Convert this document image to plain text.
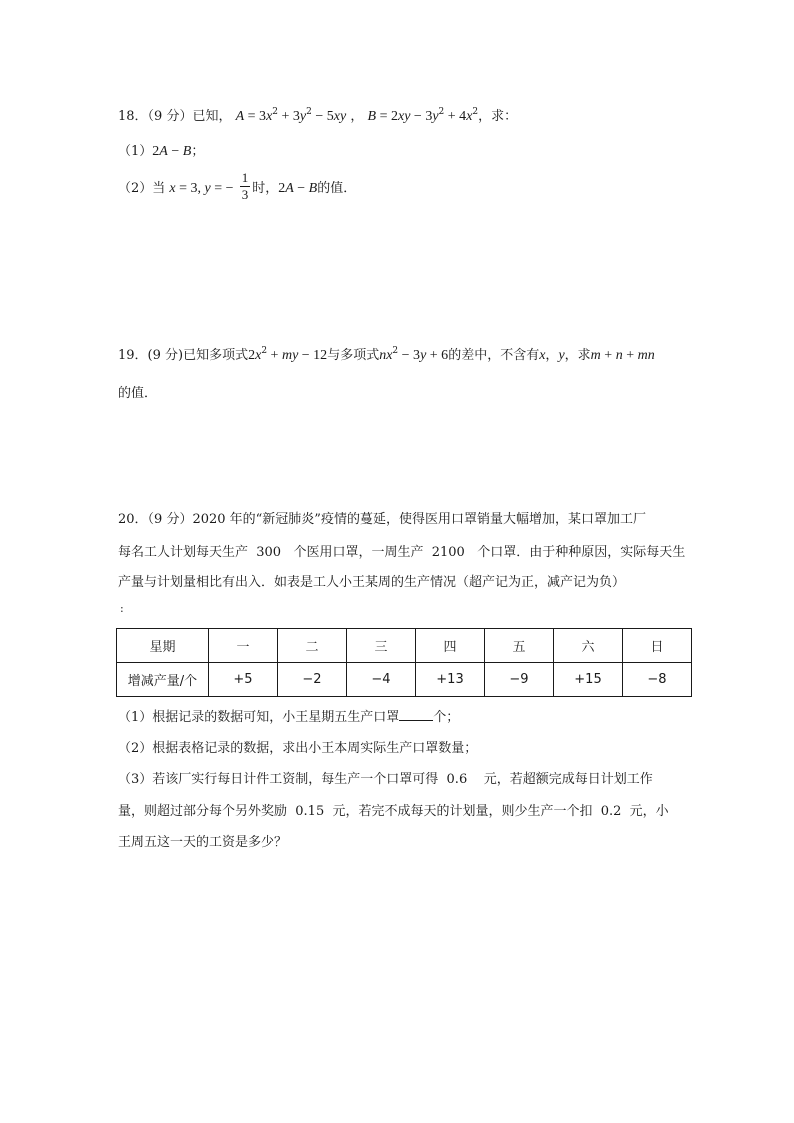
18．（9 分）已知， $A = 3x^2 + 3y^2 - 5xy$ ， $B = 2xy - 3y^2 + 4x^2$，求：
（1）2A − B；
（2）当 x = 3, y = − $\frac{1}{3}$ 时，2A − B的值．
19．(9 分)已知多项式$2x^2$ + my − 12与多项式$nx^2 - 3y + 6$的差中，不含有x，y，求m + n + mn
的值．
20．（9 分）2020 年的“新冠肺炎”疫情的蔓延，使得医用口罩销量大幅增加，某口罩加工厂
每名工人计划每天生产  300   个医用口罩，一周生产  2100   个口罩．由于种种原因，实际每天生
产量与计划量相比有出入．如表是工人小王某周的生产情况（超产记为正，减产记为负）
:
星期	一	二	三	四	五	六	日
增减产量/个	+5	−2	−4	+13	−9	+15	−8
（1）根据记录的数据可知，小王星期五生产口罩	个；
（2）根据表格记录的数据，求出小王本周实际生产口罩数量；
（3）若该厂实行每日计件工资制，每生产一个口罩可得  0.6    元，若超额完成每日计划工作
量，则超过部分每个另外奖励  0.15  元，若完不成每天的计划量，则少生产一个扣  0.2  元，小
王周五这一天的工资是多少？
